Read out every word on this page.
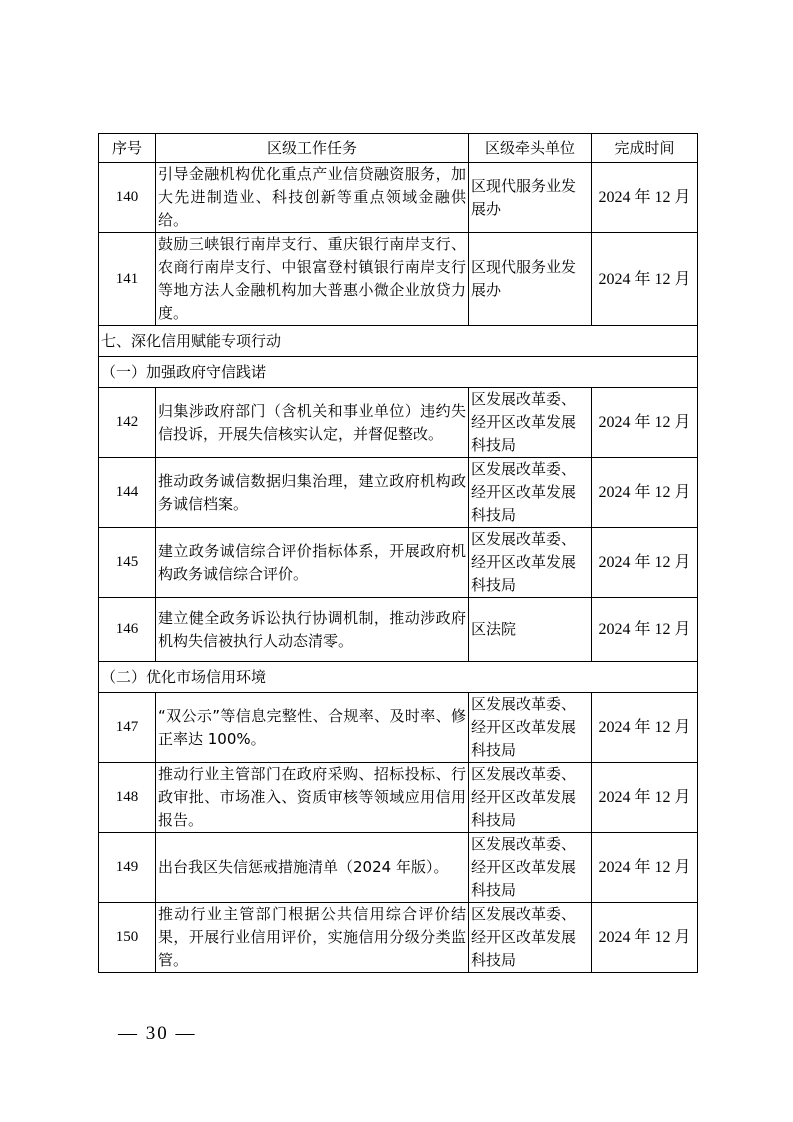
序号	区级工作任务	区级牵头单位	完成时间
140	引导金融机构优化重点产业信贷融资服务，加大先进制造业、科技创新等重点领域金融供给。	区现代服务业发展办	2024 年 12 月
141	鼓励三峡银行南岸支行、重庆银行南岸支行、农商行南岸支行、中银富登村镇银行南岸支行等地方法人金融机构加大普惠小微企业放贷力度。	区现代服务业发展办	2024 年 12 月
七、深化信用赋能专项行动			
（一）加强政府守信践诺			
142	归集涉政府部门（含机关和事业单位）违约失信投诉，开展失信核实认定，并督促整改。	区发展改革委、经开区改革发展科技局	2024 年 12 月
144	推动政务诚信数据归集治理，建立政府机构政务诚信档案。	区发展改革委、经开区改革发展科技局	2024 年 12 月
145	建立政务诚信综合评价指标体系，开展政府机构政务诚信综合评价。	区发展改革委、经开区改革发展科技局	2024 年 12 月
146	建立健全政务诉讼执行协调机制，推动涉政府机构失信被执行人动态清零。	区法院	2024 年 12 月
（二）优化市场信用环境			
147	“双公示”等信息完整性、合规率、及时率、修正率达 100%。	区发展改革委、经开区改革发展科技局	2024 年 12 月
148	推动行业主管部门在政府采购、招标投标、行政审批、市场准入、资质审核等领域应用信用报告。	区发展改革委、经开区改革发展科技局	2024 年 12 月
149	出台我区失信惩戒措施清单（2024 年版）。	区发展改革委、经开区改革发展科技局	2024 年 12 月
150	推动行业主管部门根据公共信用综合评价结果，开展行业信用评价，实施信用分级分类监管。	区发展改革委、经开区改革发展科技局	2024 年 12 月
— 30 —
